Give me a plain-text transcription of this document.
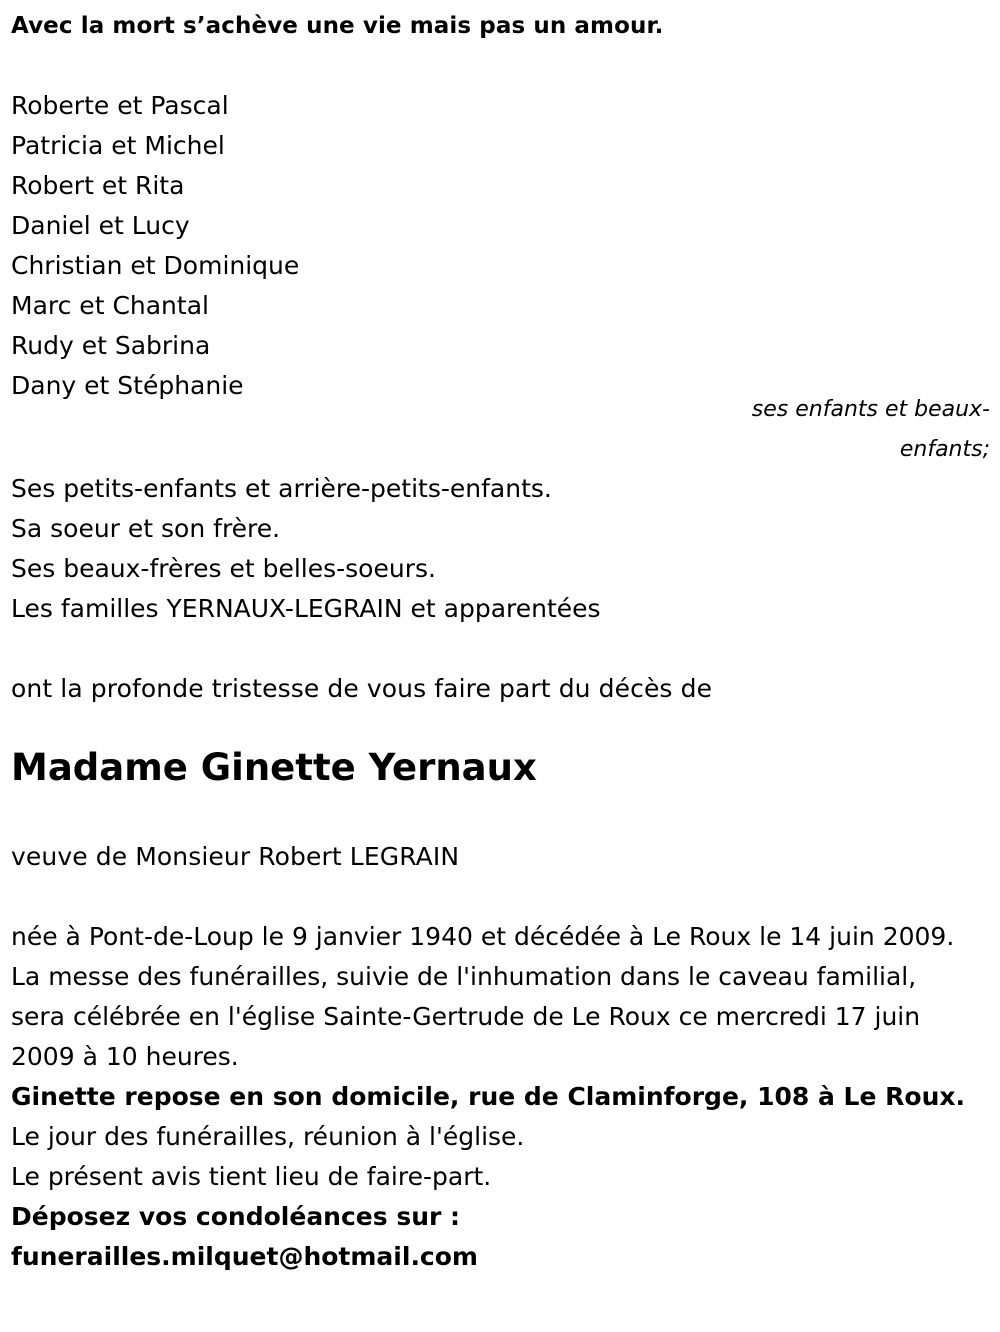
Avec la mort s’achève une vie mais pas un amour.
Roberte et Pascal
Patricia et Michel
Robert et Rita
Daniel et Lucy
Christian et Dominique
Marc et Chantal
Rudy et Sabrina
Dany et Stéphanie
ses enfants et beaux-enfants;
Ses petits-enfants et arrière-petits-enfants.
Sa soeur et son frère.
Ses beaux-frères et belles-soeurs.
Les familles YERNAUX-LEGRAIN et apparentées
ont la profonde tristesse de vous faire part du décès de
Madame Ginette Yernaux
veuve de Monsieur Robert LEGRAIN

née à Pont-de-Loup le 9 janvier 1940 et décédée à Le Roux le 14 juin 2009.

La messe des funérailles, suivie de l'inhumation dans le caveau familial, sera célébrée en l'église Sainte-Gertrude de Le Roux ce mercredi 17 juin 2009 à 10 heures.

Ginette repose en son domicile, rue de Claminforge, 108 à Le Roux.

Le jour des funérailles, réunion à l'église.

Le présent avis tient lieu de faire-part.

Déposez vos condoléances sur :

funerailles.milquet@hotmail.com
